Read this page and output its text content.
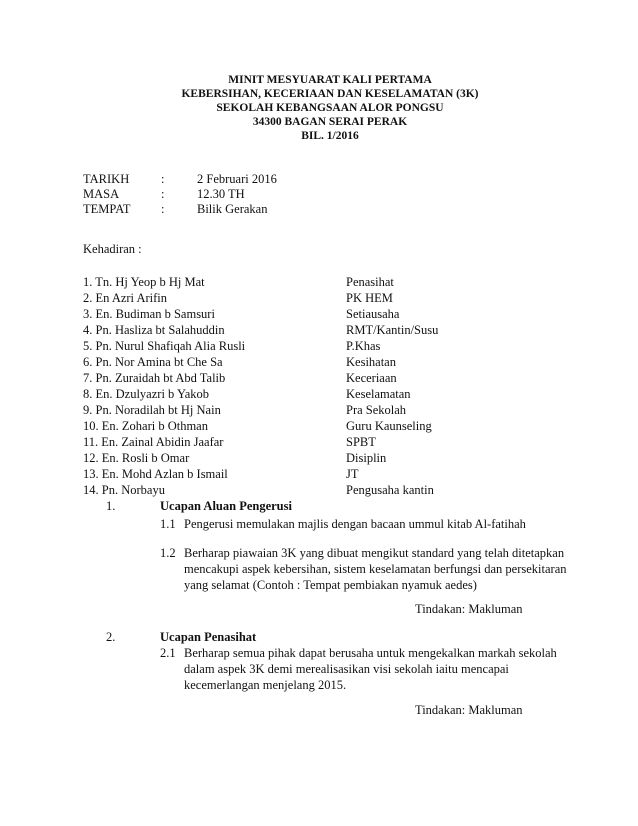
MINIT MESYUARAT KALI PERTAMA
KEBERSIHAN, KECERIAAN DAN KESELAMATAN (3K)
SEKOLAH KEBANGSAAN ALOR PONGSU
34300 BAGAN SERAI PERAK
BIL. 1/2016
TARIKH	:	2 Februari 2016
MASA	:	12.30 TH
TEMPAT :	Bilik Gerakan
Kehadiran :
1. Tn. Hj Yeop b Hj Mat	Penasihat
2. En Azri Arifin	PK HEM
3. En. Budiman b Samsuri	Setiausaha
4. Pn. Hasliza bt Salahuddin	RMT/Kantin/Susu
5. Pn. Nurul Shafiqah Alia Rusli	P.Khas
6. Pn. Nor Amina bt Che Sa	Kesihatan
7. Pn. Zuraidah bt Abd Talib	Keceriaan
8. En. Dzulyazri b Yakob	Keselamatan
9. Pn. Noradilah bt Hj Nain	Pra Sekolah
10. En. Zohari b Othman	Guru Kaunseling
11. En. Zainal Abidin Jaafar	SPBT
12. En. Rosli b Omar	Disiplin
13. En. Mohd Azlan b Ismail	JT
14. Pn. Norbayu	Pengusaha kantin
1.	Ucapan Aluan Pengerusi
1.1 Pengerusi memulakan majlis dengan bacaan ummul kitab Al-fatihah
1.2 Berharap piawaian 3K yang dibuat mengikut standard yang telah ditetapkan
mencakupi aspek kebersihan, sistem keselamatan berfungsi dan persekitaran
yang selamat (Contoh : Tempat pembiakan nyamuk aedes)
Tindakan: Makluman
2.	Ucapan Penasihat
2.1 Berharap semua pihak dapat berusaha untuk mengekalkan markah sekolah
dalam aspek 3K demi merealisasikan visi sekolah iaitu mencapai
kecemerlangan menjelang 2015.
Tindakan: Makluman
